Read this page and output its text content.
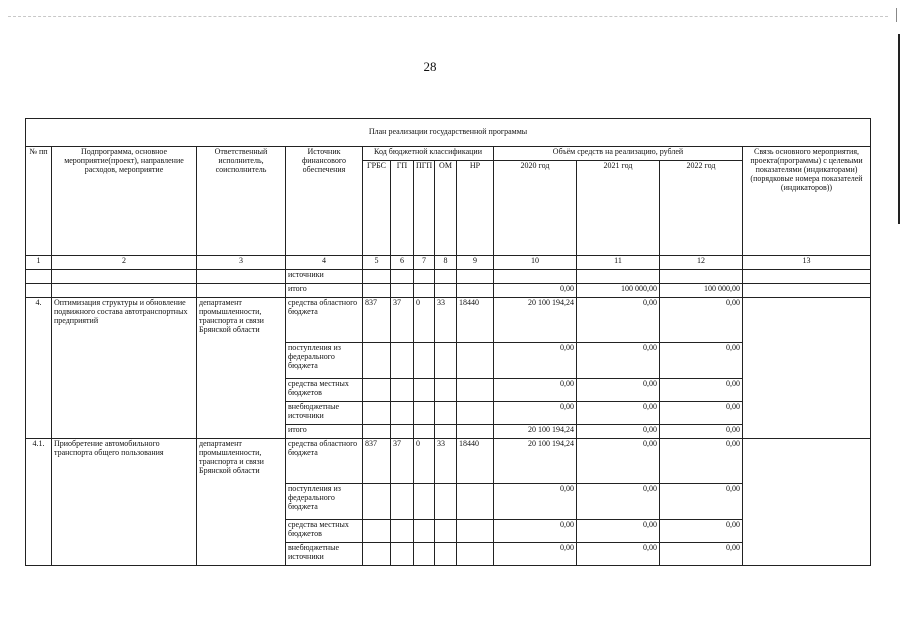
28
План реализации государственной программы												
№ пп	Подпрограмма, основное мероприятие(проект), направление расходов, мероприятие	Ответственный исполнитель, соисполнитель	Источник финансового обеспечения	Код бюджетной классификации					Объём средств на реализацию, рублей			Связь основного мероприятия, проекта(программы) с целевыми показателями (индикаторами) (порядковые номера показателей (индикаторов))
				ГРБС	ГП	ПГП	ОМ	НР	2020 год	2021 год	2022 год	
1	2	3	4	5	6	7	8	9	10	11	12	13
			источники									
			итого						0,00	100 000,00	100 000,00	
4.	Оптимизация структуры и обновление подвижного состава автотранспортных предприятий	департамент промышленности, транспорта и связи Брянской области	средства областного бюджета	837	37	0	33	18440	20 100 194,24	0,00	0,00	
			поступления из федерального бюджета						0,00	0,00	0,00	
			средства местных бюджетов						0,00	0,00	0,00	
			внебюджетные источники						0,00	0,00	0,00	
			итого						20 100 194,24	0,00	0,00	
4.1.	Приобретение автомобильного транспорта общего пользования	департамент промышленности, транспорта и связи Брянской области	средства областного бюджета	837	37	0	33	18440	20 100 194,24	0,00	0,00	
			поступления из федерального бюджета						0,00	0,00	0,00	
			средства местных бюджетов						0,00	0,00	0,00	
			внебюджетные источники						0,00	0,00	0,00	
